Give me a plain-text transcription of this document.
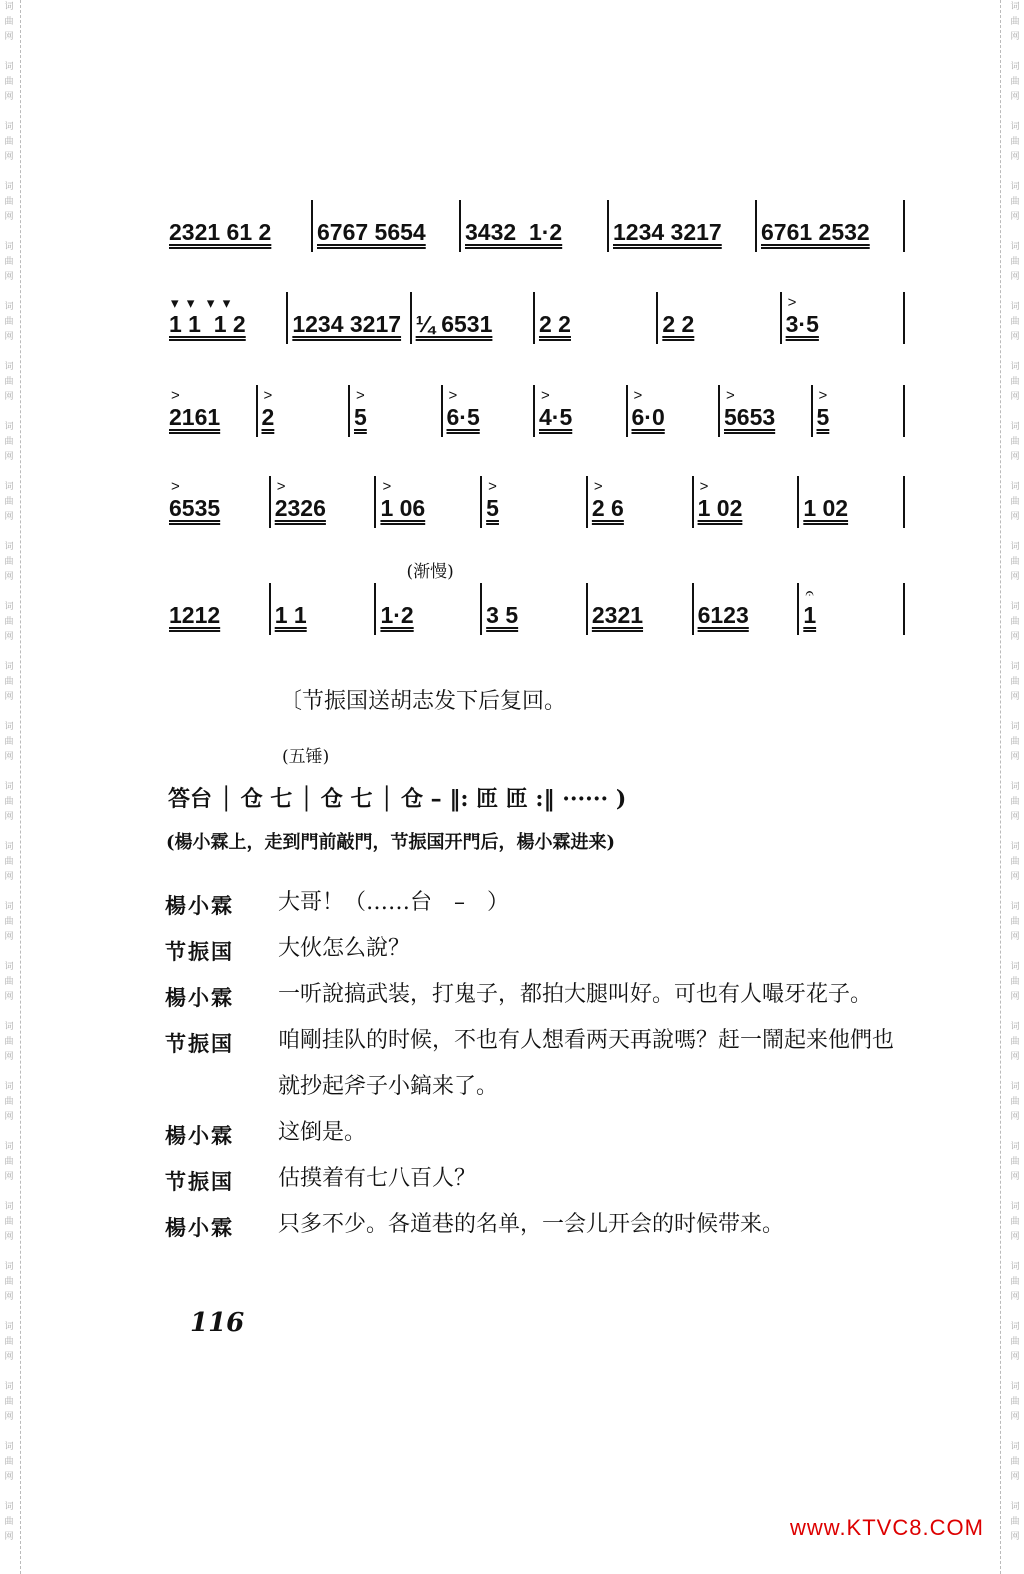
词
曲
网

词
曲
网

词
曲
网

词
曲
网

词
曲
网

词
曲
网

词
曲
网

词
曲
网

词
曲
网

词
曲
网

词
曲
网

词
曲
网

词
曲
网

词
曲
网

词
曲
网

词
曲
网

词
曲
网

词
曲
网

词
曲
网

词
曲
网

词
曲
网

词
曲
网

词
曲
网

词
曲
网

词
曲
网

词
曲
网

词
曲
网

词
曲
网

词
曲
网

词
曲
网

词
曲
网

词
曲
网

词
曲
网

词
曲
网

词
曲
网

词
曲
网

词
曲
网

词
曲
网

词
曲
网

词
曲
网

词
曲
网

词
曲
网

词
曲
网

词
曲
网

词
曲
网

词
曲
网

词
曲
网

词
曲
网

词
曲
网

词
曲
网

词
曲
网

词
曲
网

2321 61 2 6767 5654 3432  1·2 1234 3217 6761 2532
▾  ▾   ▾  ▾
1 1  1 2 1234 3217 ¼ 6531 2 2	2 2
>
3·5
>
2161
>
2
>
5
>
6·5
>
4·5
>
6·0
>
5653
>
5
>
6535
>
2326
>
1 06
>
5
>
2 6
>
1 02	1 02
1212 1 1
(渐慢)
1·2	3 5	2321 6123
𝄐
1
〔节振国送胡志发下后复回。
(五锤)
答台 │ 仓 七 │ 仓 七 │ 仓 – ‖: 匝 匝 :‖ ······ )
(楊小霖上，走到門前敲門，节振国开門后，楊小霖进来)
楊小霖 大哥！（……台　–　）
节振国 大伙怎么說？
楊小霖 一听說搞武装，打鬼子，都拍大腿叫好。可也有人嘬牙花子。
节振国 咱剛挂队的时候，不也有人想看两天再說嗎？赶一鬧起来他們也就抄起斧子小鎬来了。
楊小霖 这倒是。
节振国 估摸着有七八百人？
楊小霖 只多不少。各道巷的名单，一会儿开会的时候带来。
116
www.KTVC8.COM
